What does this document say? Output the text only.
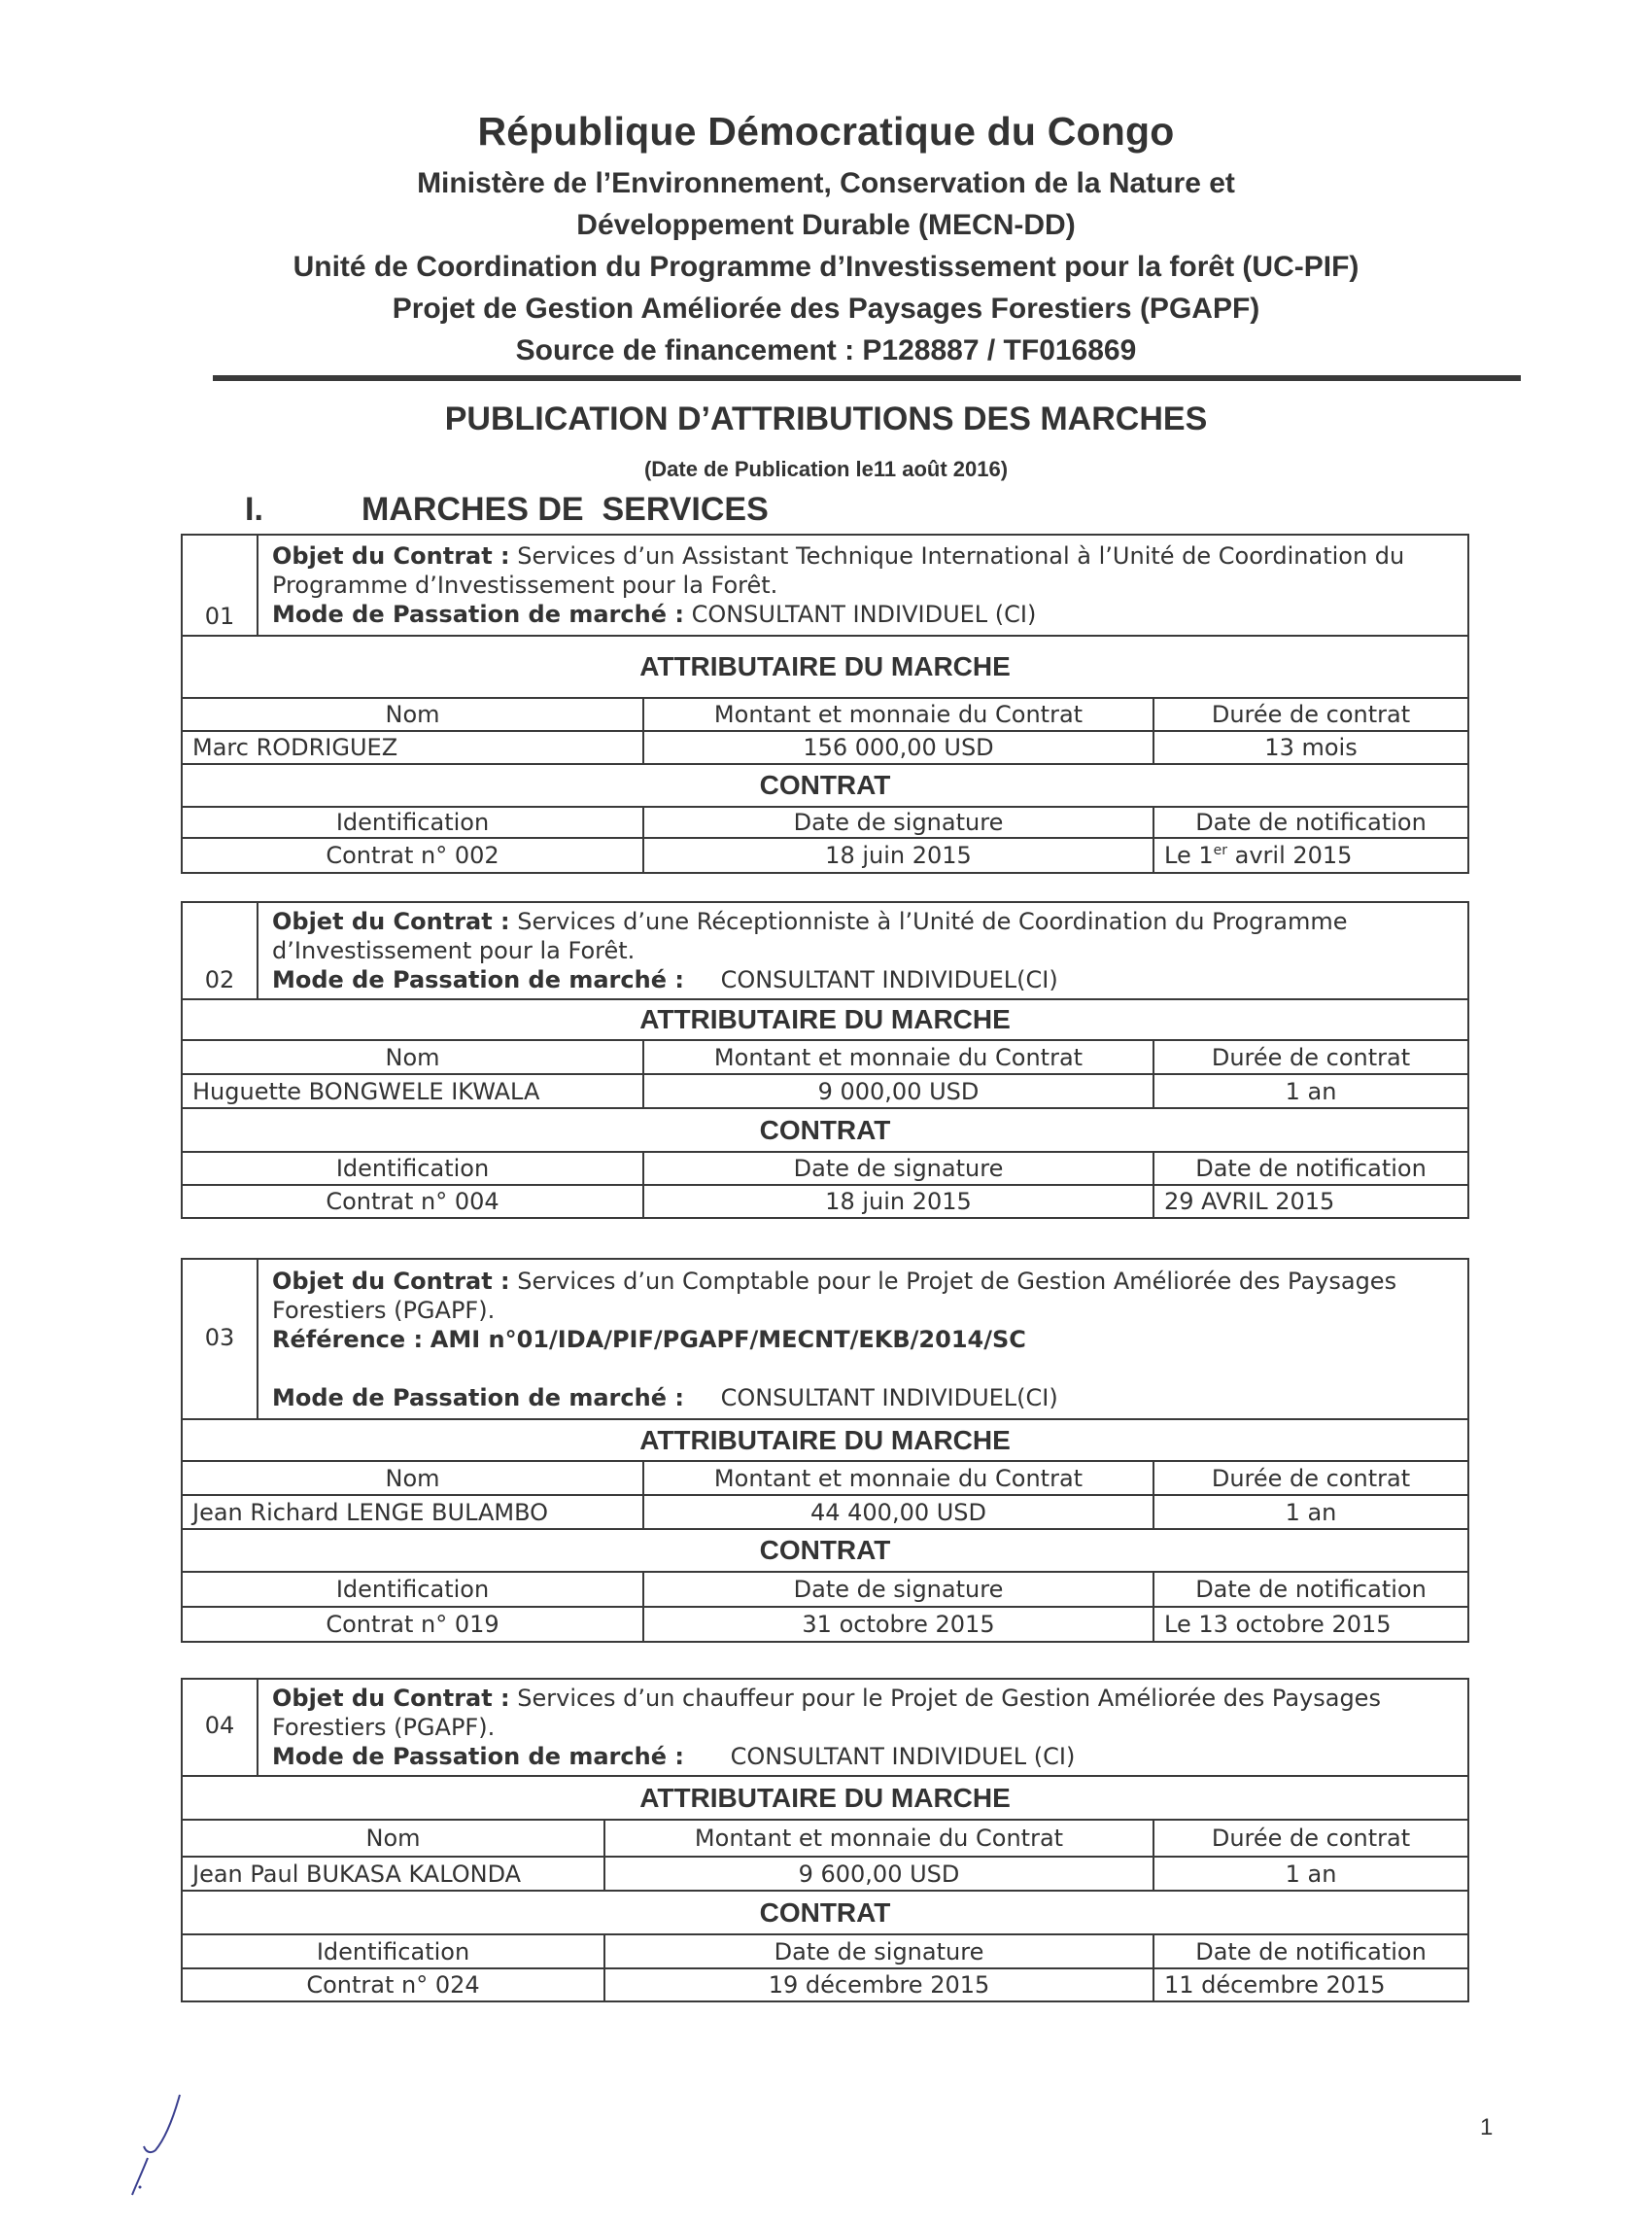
République Démocratique du Congo
Ministère de l’Environnement, Conservation de la Nature et
Développement Durable (MECN-DD)
Unité de Coordination du Programme d’Investissement pour la forêt (UC-PIF)
Projet de Gestion Améliorée des Paysages Forestiers (PGAPF)
Source de financement : P128887 / TF016869
PUBLICATION D’ATTRIBUTIONS DES MARCHES
(Date de Publication le11 août 2016)
I.	MARCHES DE  SERVICES
01	Objet du Contrat : Services d’un Assistant Technique International à l’Unité de Coordination du Programme d’Investissement pour la Forêt.
Mode de Passation de marché : CONSULTANT INDIVIDUEL (CI)		
ATTRIBUTAIRE DU MARCHE			
Nom		Montant et monnaie du Contrat	Durée de contrat
Marc RODRIGUEZ		156 000,00 USD	13 mois
CONTRAT			
Identification		Date de signature	Date de notification
Contrat n° 002		18 juin 2015	Le 1er avril 2015
02	Objet du Contrat : Services d’une Réceptionniste à l’Unité de Coordination du Programme d’Investissement pour la Forêt.
Mode de Passation de marché : CONSULTANT INDIVIDUEL(CI)		
ATTRIBUTAIRE DU MARCHE			
Nom		Montant et monnaie du Contrat	Durée de contrat
Huguette BONGWELE IKWALA		9 000,00 USD	1 an
CONTRAT			
Identification		Date de signature	Date de notification
Contrat n° 004		18 juin 2015	29 AVRIL 2015
03	Objet du Contrat : Services d’un Comptable pour le Projet de Gestion Améliorée des Paysages Forestiers (PGAPF).
Référence : AMI n°01/IDA/PIF/PGAPF/MECNT/EKB/2014/SC

Mode de Passation de marché : CONSULTANT INDIVIDUEL(CI)		
ATTRIBUTAIRE DU MARCHE			
Nom		Montant et monnaie du Contrat	Durée de contrat
Jean Richard LENGE BULAMBO		44 400,00 USD	1 an
CONTRAT			
Identification		Date de signature	Date de notification
Contrat n° 019		31 octobre 2015	Le 13 octobre 2015
04	Objet du Contrat : Services d’un chauffeur pour le Projet de Gestion Améliorée des Paysages Forestiers (PGAPF).
Mode de Passation de marché : CONSULTANT INDIVIDUEL (CI)		
ATTRIBUTAIRE DU MARCHE			
Nom		Montant et monnaie du Contrat	Durée de contrat
Jean Paul BUKASA KALONDA		9 600,00 USD	1 an
CONTRAT			
Identification		Date de signature	Date de notification
Contrat n° 024		19 décembre 2015	11 décembre 2015
1
